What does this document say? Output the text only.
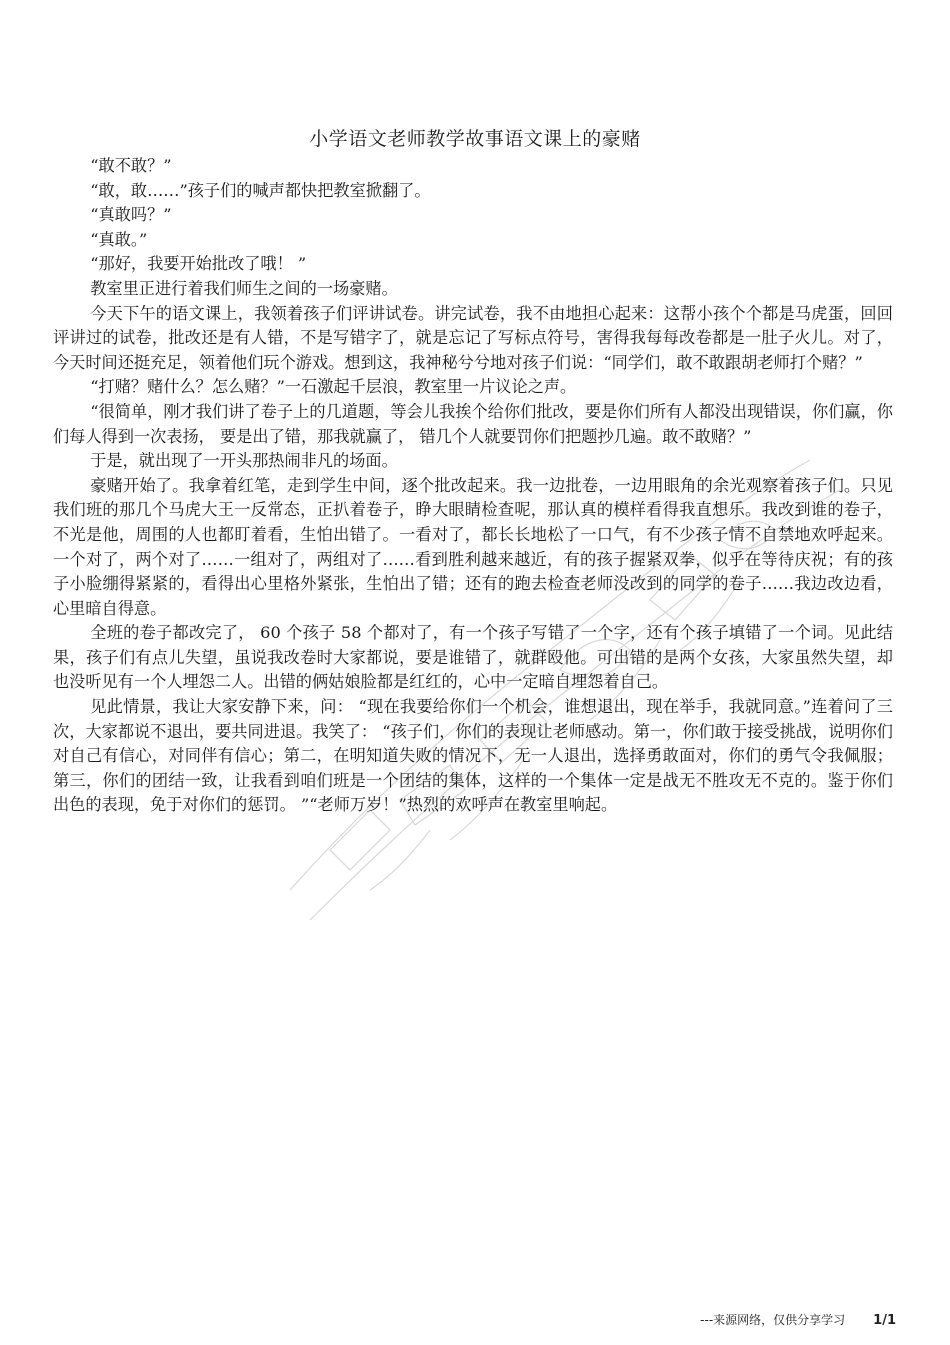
小学语文老师教学故事语文课上的豪赌

“敢不敢？”

“敢，敢……”孩子们的喊声都快把教室掀翻了。

“真敢吗？”

“真敢。”

“那好，我要开始批改了哦！ ”

教室里正进行着我们师生之间的一场豪赌。

今天下午的语文课上，我领着孩子们评讲试卷。讲完试卷，我不由地担心起来：这帮小孩个个都是马虎蛋，回回评讲过的试卷，批改还是有人错，不是写错字了，就是忘记了写标点符号，害得我每每改卷都是一肚子火儿。对了，今天时间还挺充足，领着他们玩个游戏。想到这，我神秘兮兮地对孩子们说：“同学们，敢不敢跟胡老师打个赌？”

“打赌？赌什么？怎么赌？”一石激起千层浪，教室里一片议论之声。

“很简单，刚才我们讲了卷子上的几道题，等会儿我挨个给你们批改，要是你们所有人都没出现错误，你们赢，你们每人得到一次表扬， 要是出了错，那我就赢了， 错几个人就要罚你们把题抄几遍。敢不敢赌？”

于是，就出现了一开头那热闹非凡的场面。

豪赌开始了。我拿着红笔，走到学生中间，逐个批改起来。我一边批卷，一边用眼角的余光观察着孩子们。只见我们班的那几个马虎大王一反常态，正扒着卷子，睁大眼睛检查呢，那认真的模样看得我直想乐。我改到谁的卷子，不光是他，周围的人也都盯着看，生怕出错了。一看对了，都长长地松了一口气，有不少孩子情不自禁地欢呼起来。一个对了，两个对了……一组对了，两组对了……看到胜利越来越近，有的孩子握紧双拳，似乎在等待庆祝；有的孩子小脸绷得紧紧的，看得出心里格外紧张，生怕出了错；还有的跑去检查老师没改到的同学的卷子……我边改边看，心里暗自得意。

全班的卷子都改完了， 60 个孩子 58 个都对了，有一个孩子写错了一个字，还有个孩子填错了一个词。见此结果，孩子们有点儿失望，虽说我改卷时大家都说，要是谁错了，就群殴他。可出错的是两个女孩，大家虽然失望，却也没听见有一个人埋怨二人。出错的俩姑娘脸都是红红的，心中一定暗自埋怨着自己。

见此情景，我让大家安静下来，问： “现在我要给你们一个机会，谁想退出，现在举手，我就同意。”连着问了三次，大家都说不退出，要共同进退。我笑了： “孩子们，你们的表现让老师感动。第一，你们敢于接受挑战，说明你们对自己有信心，对同伴有信心；第二，在明知道失败的情况下，无一人退出，选择勇敢面对，你们的勇气令我佩服；第三，你们的团结一致，让我看到咱们班是一个团结的集体，这样的一个集体一定是战无不胜攻无不克的。鉴于你们出色的表现，免于对你们的惩罚。 ”“老师万岁！”热烈的欢呼声在教室里响起。

---来源网络，仅供分享学习 1/1
